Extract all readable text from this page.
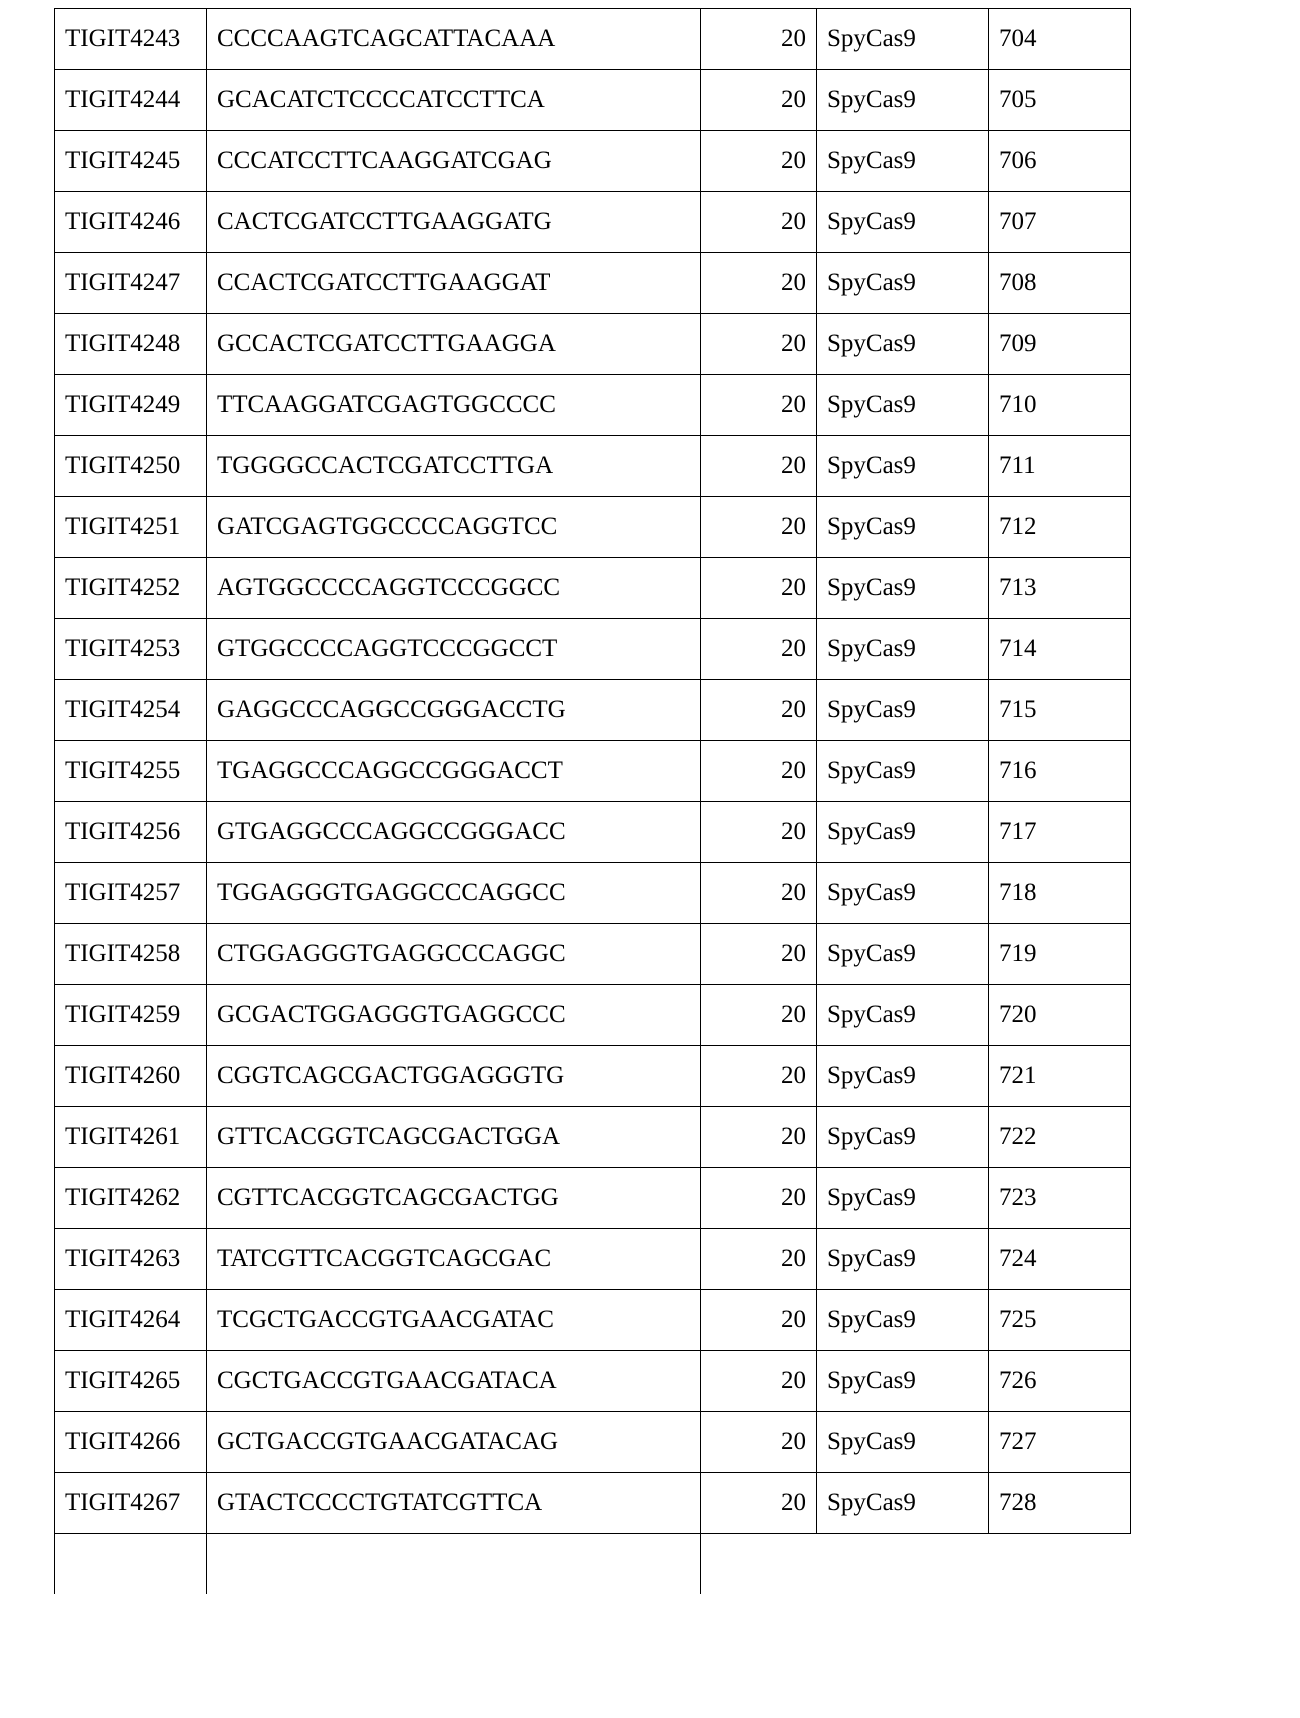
TIGIT4243	CCCCAAGTCAGCATTACAAA	20	SpyCas9	704
TIGIT4244	GCACATCTCCCCATCCTTCA	20	SpyCas9	705
TIGIT4245	CCCATCCTTCAAGGATCGAG	20	SpyCas9	706
TIGIT4246	CACTCGATCCTTGAAGGATG	20	SpyCas9	707
TIGIT4247	CCACTCGATCCTTGAAGGAT	20	SpyCas9	708
TIGIT4248	GCCACTCGATCCTTGAAGGA	20	SpyCas9	709
TIGIT4249	TTCAAGGATCGAGTGGCCCC	20	SpyCas9	710
TIGIT4250	TGGGGCCACTCGATCCTTGA	20	SpyCas9	711
TIGIT4251	GATCGAGTGGCCCCAGGTCC	20	SpyCas9	712
TIGIT4252	AGTGGCCCCAGGTCCCGGCC	20	SpyCas9	713
TIGIT4253	GTGGCCCCAGGTCCCGGCCT	20	SpyCas9	714
TIGIT4254	GAGGCCCAGGCCGGGACCTG	20	SpyCas9	715
TIGIT4255	TGAGGCCCAGGCCGGGACCT	20	SpyCas9	716
TIGIT4256	GTGAGGCCCAGGCCGGGACC	20	SpyCas9	717
TIGIT4257	TGGAGGGTGAGGCCCAGGCC	20	SpyCas9	718
TIGIT4258	CTGGAGGGTGAGGCCCAGGC	20	SpyCas9	719
TIGIT4259	GCGACTGGAGGGTGAGGCCC	20	SpyCas9	720
TIGIT4260	CGGTCAGCGACTGGAGGGTG	20	SpyCas9	721
TIGIT4261	GTTCACGGTCAGCGACTGGA	20	SpyCas9	722
TIGIT4262	CGTTCACGGTCAGCGACTGG	20	SpyCas9	723
TIGIT4263	TATCGTTCACGGTCAGCGAC	20	SpyCas9	724
TIGIT4264	TCGCTGACCGTGAACGATAC	20	SpyCas9	725
TIGIT4265	CGCTGACCGTGAACGATACA	20	SpyCas9	726
TIGIT4266	GCTGACCGTGAACGATACAG	20	SpyCas9	727
TIGIT4267	GTACTCCCCTGTATCGTTCA	20	SpyCas9	728
